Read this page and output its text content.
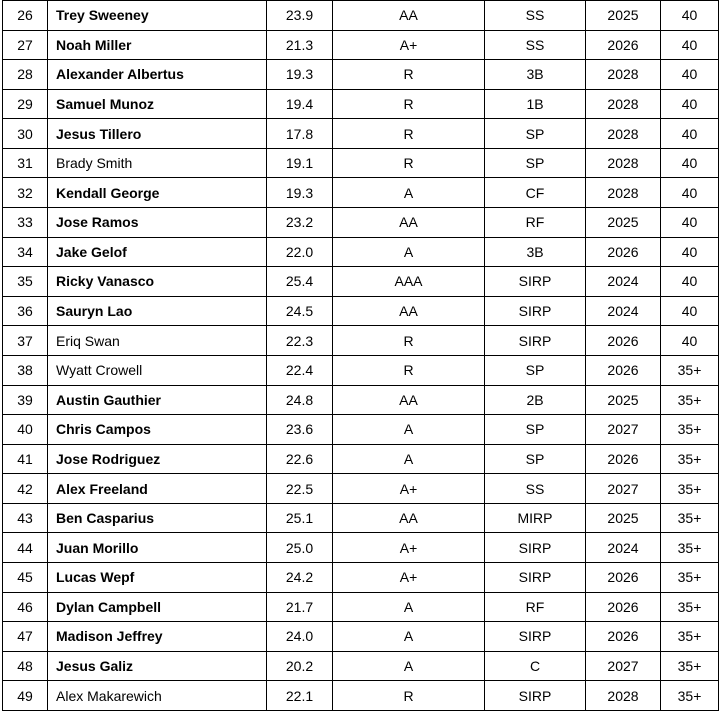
26	Trey Sweeney	23.9	AA	SS	2025	40
27	Noah Miller	21.3	A+	SS	2026	40
28	Alexander Albertus	19.3	R	3B	2028	40
29	Samuel Munoz	19.4	R	1B	2028	40
30	Jesus Tillero	17.8	R	SP	2028	40
31	Brady Smith	19.1	R	SP	2028	40
32	Kendall George	19.3	A	CF	2028	40
33	Jose Ramos	23.2	AA	RF	2025	40
34	Jake Gelof	22.0	A	3B	2026	40
35	Ricky Vanasco	25.4	AAA	SIRP	2024	40
36	Sauryn Lao	24.5	AA	SIRP	2024	40
37	Eriq Swan	22.3	R	SIRP	2026	40
38	Wyatt Crowell	22.4	R	SP	2026	35+
39	Austin Gauthier	24.8	AA	2B	2025	35+
40	Chris Campos	23.6	A	SP	2027	35+
41	Jose Rodriguez	22.6	A	SP	2026	35+
42	Alex Freeland	22.5	A+	SS	2027	35+
43	Ben Casparius	25.1	AA	MIRP	2025	35+
44	Juan Morillo	25.0	A+	SIRP	2024	35+
45	Lucas Wepf	24.2	A+	SIRP	2026	35+
46	Dylan Campbell	21.7	A	RF	2026	35+
47	Madison Jeffrey	24.0	A	SIRP	2026	35+
48	Jesus Galiz	20.2	A	C	2027	35+
49	Alex Makarewich	22.1	R	SIRP	2028	35+
